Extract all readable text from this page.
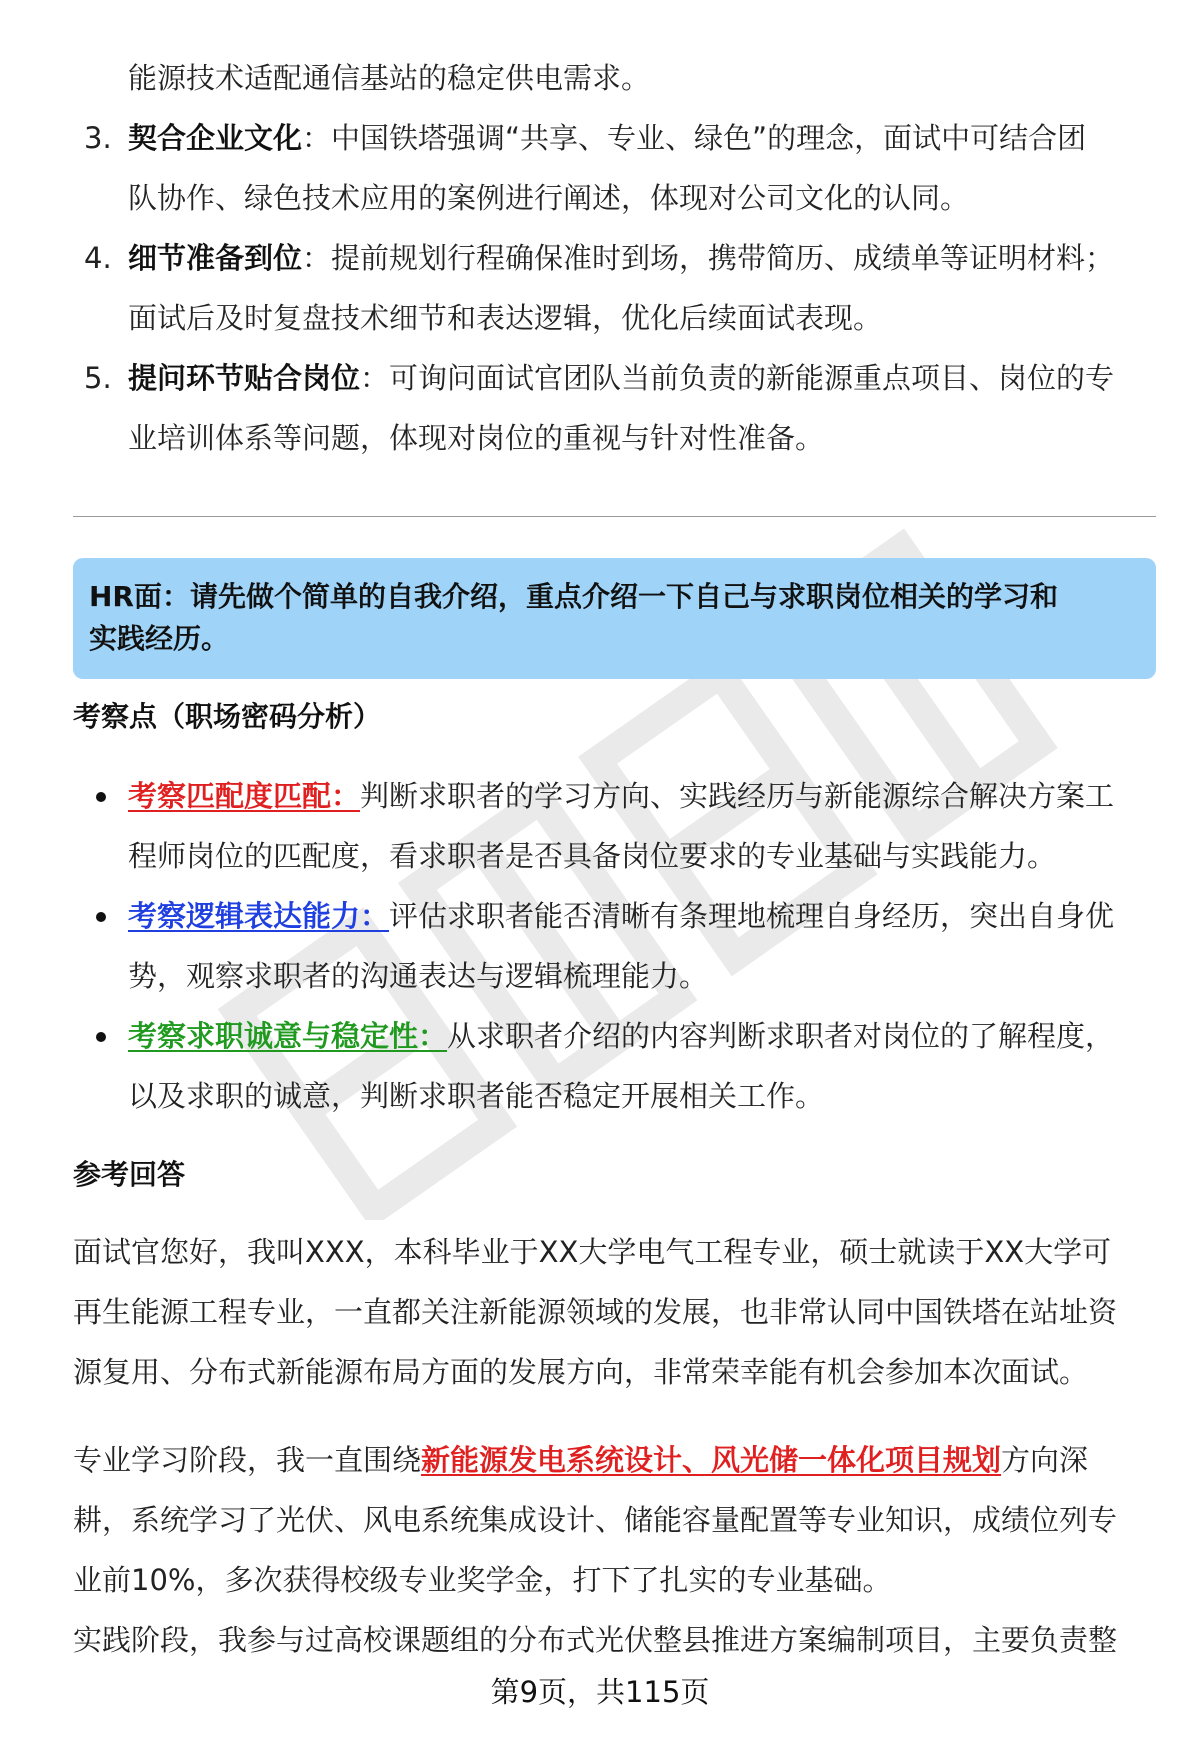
能源技术适配通信基站的稳定供电需求。
3. 契合企业文化：中国铁塔强调“共享、专业、绿色”的理念，面试中可结合团
队协作、绿色技术应用的案例进行阐述，体现对公司文化的认同。
4. 细节准备到位：提前规划行程确保准时到场，携带简历、成绩单等证明材料；
面试后及时复盘技术细节和表达逻辑，优化后续面试表现。
5. 提问环节贴合岗位：可询问面试官团队当前负责的新能源重点项目、岗位的专
业培训体系等问题，体现对岗位的重视与针对性准备。
HR面：请先做个简单的自我介绍，重点介绍一下自己与求职岗位相关的学习和
实践经历。
考察点（职场密码分析）
考察匹配度匹配：判断求职者的学习方向、实践经历与新能源综合解决方案工
程师岗位的匹配度，看求职者是否具备岗位要求的专业基础与实践能力。
考察逻辑表达能力：评估求职者能否清晰有条理地梳理自身经历，突出自身优
势，观察求职者的沟通表达与逻辑梳理能力。
考察求职诚意与稳定性：从求职者介绍的内容判断求职者对岗位的了解程度，
以及求职的诚意，判断求职者能否稳定开展相关工作。
参考回答
面试官您好，我叫XXX，本科毕业于XX大学电气工程专业，硕士就读于XX大学可
再生能源工程专业，一直都关注新能源领域的发展，也非常认同中国铁塔在站址资
源复用、分布式新能源布局方面的发展方向，非常荣幸能有机会参加本次面试。
专业学习阶段，我一直围绕新能源发电系统设计、风光储一体化项目规划方向深
耕，系统学习了光伏、风电系统集成设计、储能容量配置等专业知识，成绩位列专
业前10%，多次获得校级专业奖学金，打下了扎实的专业基础。
实践阶段，我参与过高校课题组的分布式光伏整县推进方案编制项目，主要负责整
第9页，共115页
